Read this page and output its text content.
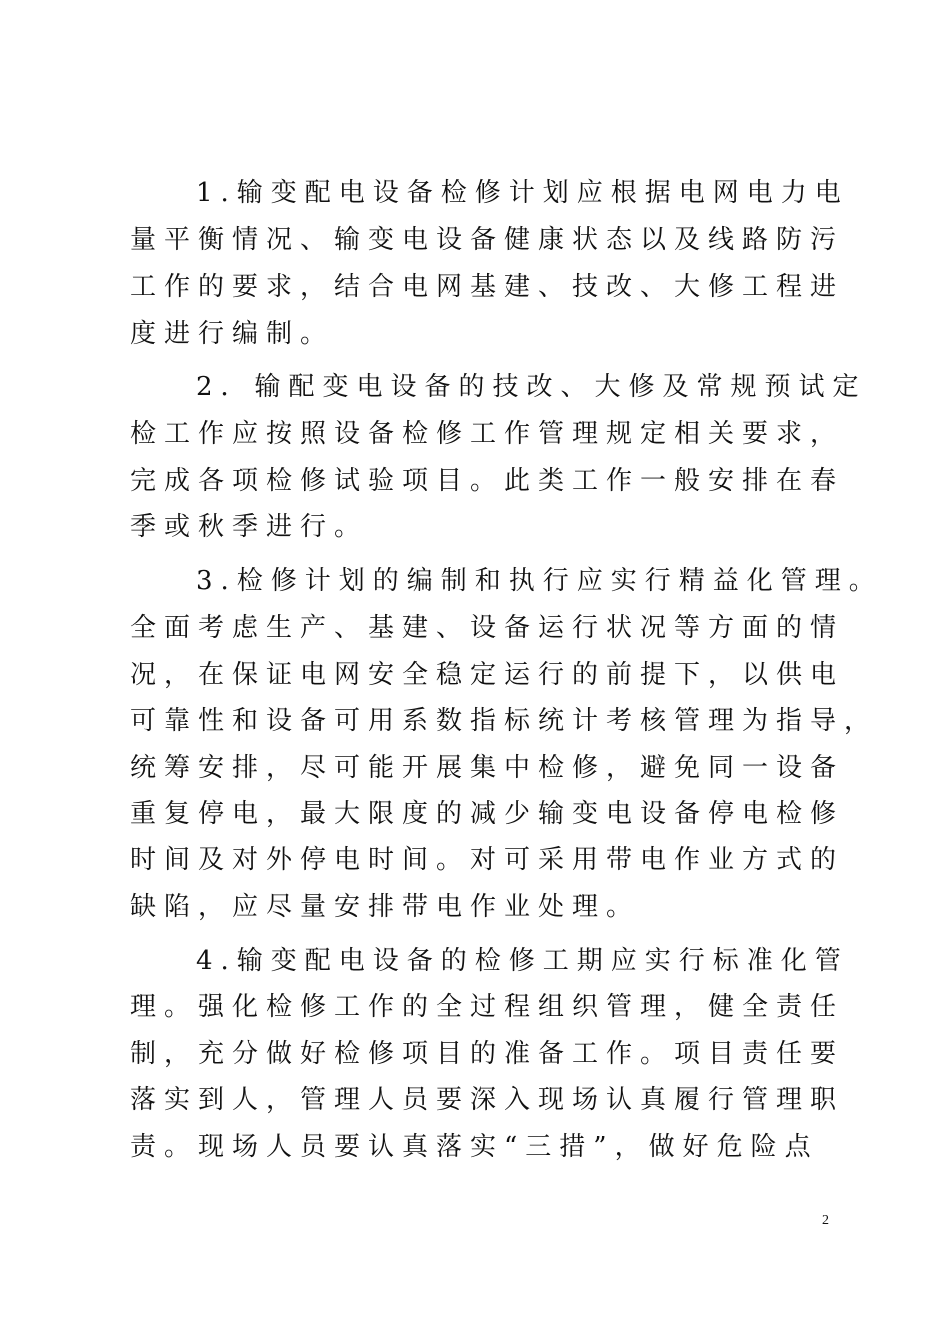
1.输变配电设备检修计划应根据电网电力电
量平衡情况、输变电设备健康状态以及线路防污
工作的要求，结合电网基建、技改、大修工程进
度进行编制。
2．输配变电设备的技改、大修及常规预试定
检工作应按照设备检修工作管理规定相关要求，
完成各项检修试验项目。此类工作一般安排在春
季或秋季进行。
3.检修计划的编制和执行应实行精益化管理。
全面考虑生产、基建、设备运行状况等方面的情
况，在保证电网安全稳定运行的前提下，以供电
可靠性和设备可用系数指标统计考核管理为指导，
统筹安排，尽可能开展集中检修，避免同一设备
重复停电，最大限度的减少输变电设备停电检修
时间及对外停电时间。对可采用带电作业方式的
缺陷，应尽量安排带电作业处理。
4.输变配电设备的检修工期应实行标准化管
理。强化检修工作的全过程组织管理，健全责任
制，充分做好检修项目的准备工作。项目责任要
落实到人，管理人员要深入现场认真履行管理职
责。现场人员要认真落实“三措”，做好危险点
2
